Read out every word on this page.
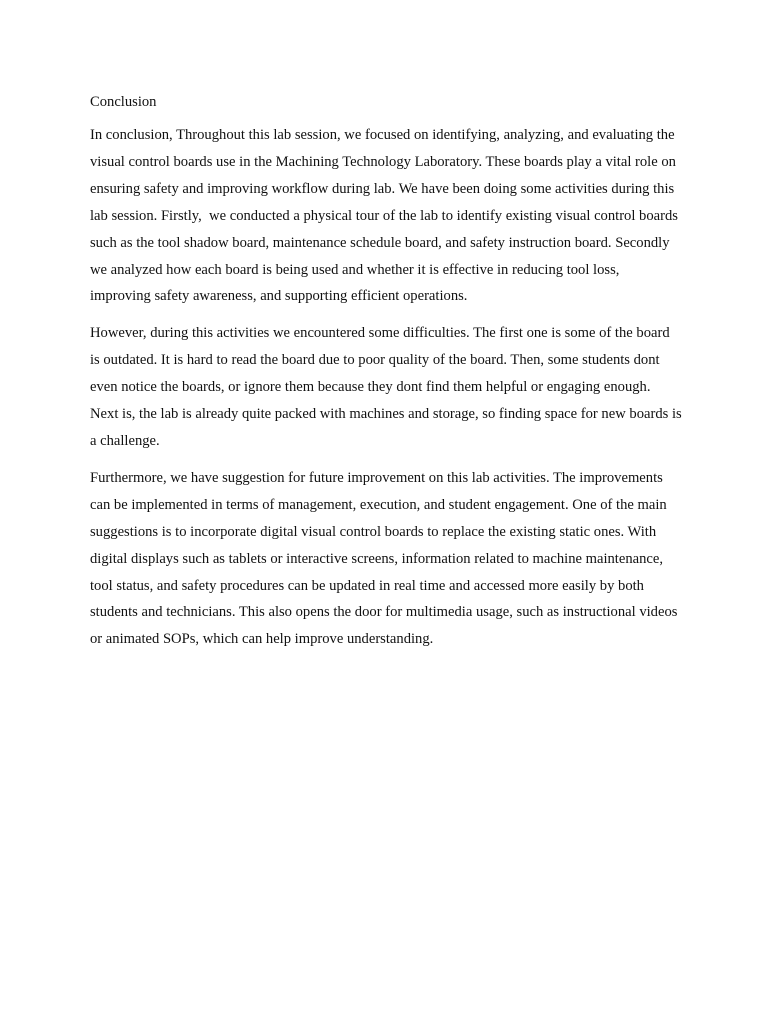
Conclusion

In conclusion, Throughout this lab session, we focused on identifying, analyzing, and evaluating the visual control boards use in the Machining Technology Laboratory. These boards play a vital role on ensuring safety and improving workflow during lab. We have been doing some activities during this lab session. Firstly,  we conducted a physical tour of the lab to identify existing visual control boards such as the tool shadow board, maintenance schedule board, and safety instruction board. Secondly we analyzed how each board is being used and whether it is effective in reducing tool loss, improving safety awareness, and supporting efficient operations.

However, during this activities we encountered some difficulties. The first one is some of the board is outdated. It is hard to read the board due to poor quality of the board. Then, some students dont even notice the boards, or ignore them because they dont find them helpful or engaging enough. Next is, the lab is already quite packed with machines and storage, so finding space for new boards is a challenge.

Furthermore, we have suggestion for future improvement on this lab activities. The improvements can be implemented in terms of management, execution, and student engagement. One of the main suggestions is to incorporate digital visual control boards to replace the existing static ones. With digital displays such as tablets or interactive screens, information related to machine maintenance, tool status, and safety procedures can be updated in real time and accessed more easily by both students and technicians. This also opens the door for multimedia usage, such as instructional videos or animated SOPs, which can help improve understanding.
